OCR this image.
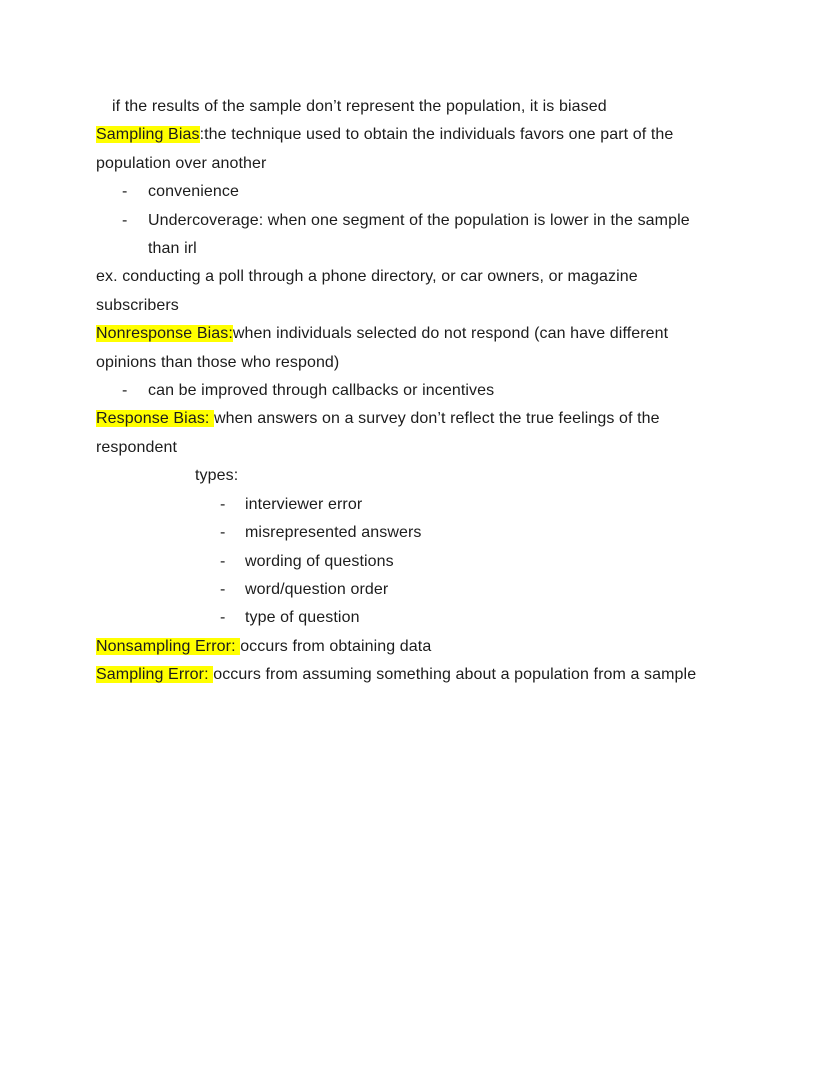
if the results of the sample don’t represent the population, it is biased
Sampling Bias:the technique used to obtain the individuals favors one part of the
population over another
- convenience
- Undercoverage: when one segment of the population is lower in the sample
than irl
ex. conducting a poll through a phone directory, or car owners, or magazine
subscribers
Nonresponse Bias:when individuals selected do not respond (can have different
opinions than those who respond)
- can be improved through callbacks or incentives
Response Bias: when answers on a survey don’t reflect the true feelings of the
respondent
types:
- interviewer error
- misrepresented answers
- wording of questions
- word/question order
- type of question
Nonsampling Error: occurs from obtaining data
Sampling Error: occurs from assuming something about a population from a sample
